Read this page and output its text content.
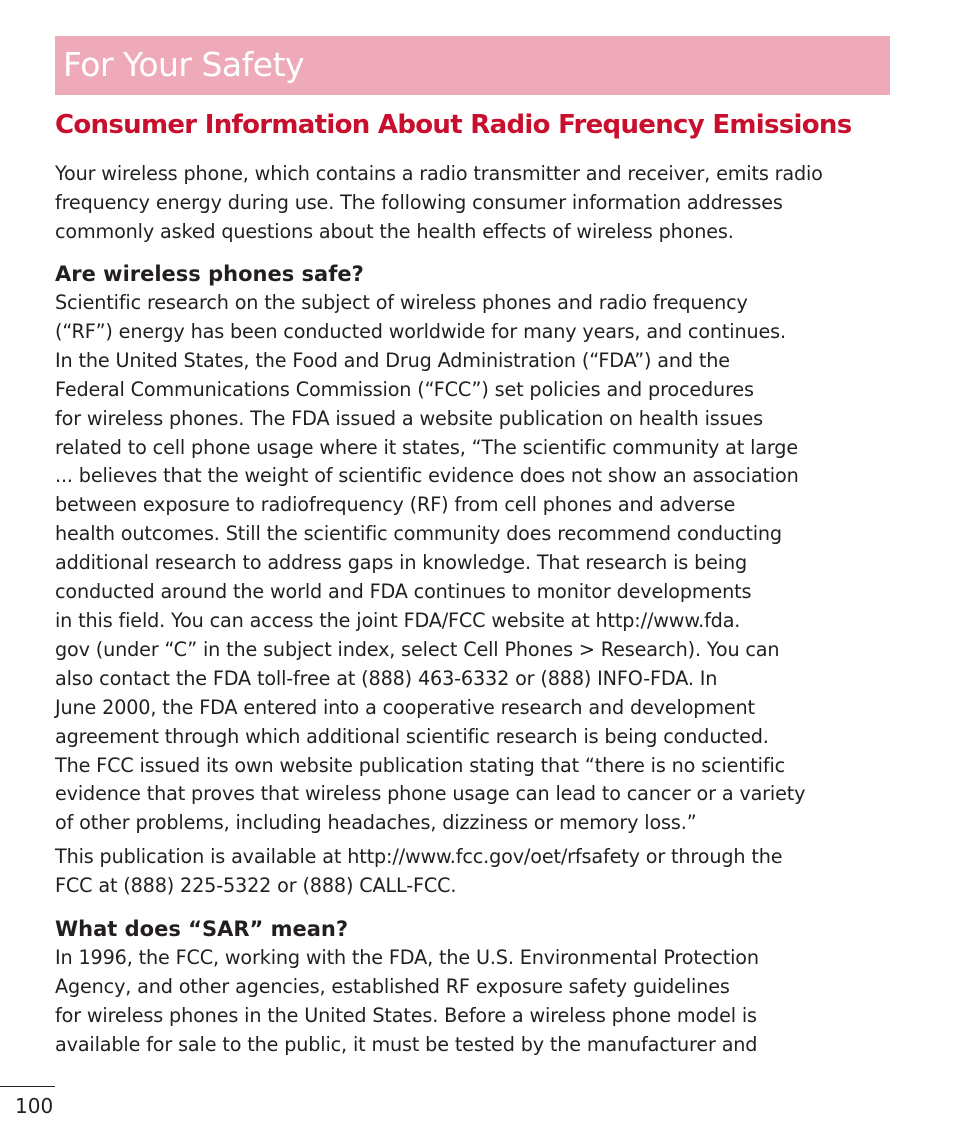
For Your Safety
Consumer Information About Radio Frequency Emissions
Your wireless phone, which contains a radio transmitter and receiver, emits radio
frequency energy during use. The following consumer information addresses
commonly asked questions about the health effects of wireless phones.
Are wireless phones safe?
Scientific research on the subject of wireless phones and radio frequency
(“RF”) energy has been conducted worldwide for many years, and continues.
In the United States, the Food and Drug Administration (“FDA”) and the
Federal Communications Commission (“FCC”) set policies and procedures
for wireless phones. The FDA issued a website publication on health issues
related to cell phone usage where it states, “The scientific community at large
... believes that the weight of scientific evidence does not show an association
between exposure to radiofrequency (RF) from cell phones and adverse
health outcomes. Still the scientific community does recommend conducting
additional research to address gaps in knowledge. That research is being
conducted around the world and FDA continues to monitor developments
in this field. You can access the joint FDA/FCC website at http://www.fda.
gov (under “C” in the subject index, select Cell Phones > Research). You can
also contact the FDA toll-free at (888) 463-6332 or (888) INFO-FDA. In
June 2000, the FDA entered into a cooperative research and development
agreement through which additional scientific research is being conducted.
The FCC issued its own website publication stating that “there is no scientific
evidence that proves that wireless phone usage can lead to cancer or a variety
of other problems, including headaches, dizziness or memory loss.”
This publication is available at http://www.fcc.gov/oet/rfsafety or through the
FCC at (888) 225-5322 or (888) CALL-FCC.
What does “SAR” mean?
In 1996, the FCC, working with the FDA, the U.S. Environmental Protection
Agency, and other agencies, established RF exposure safety guidelines
for wireless phones in the United States. Before a wireless phone model is
available for sale to the public, it must be tested by the manufacturer and
100
